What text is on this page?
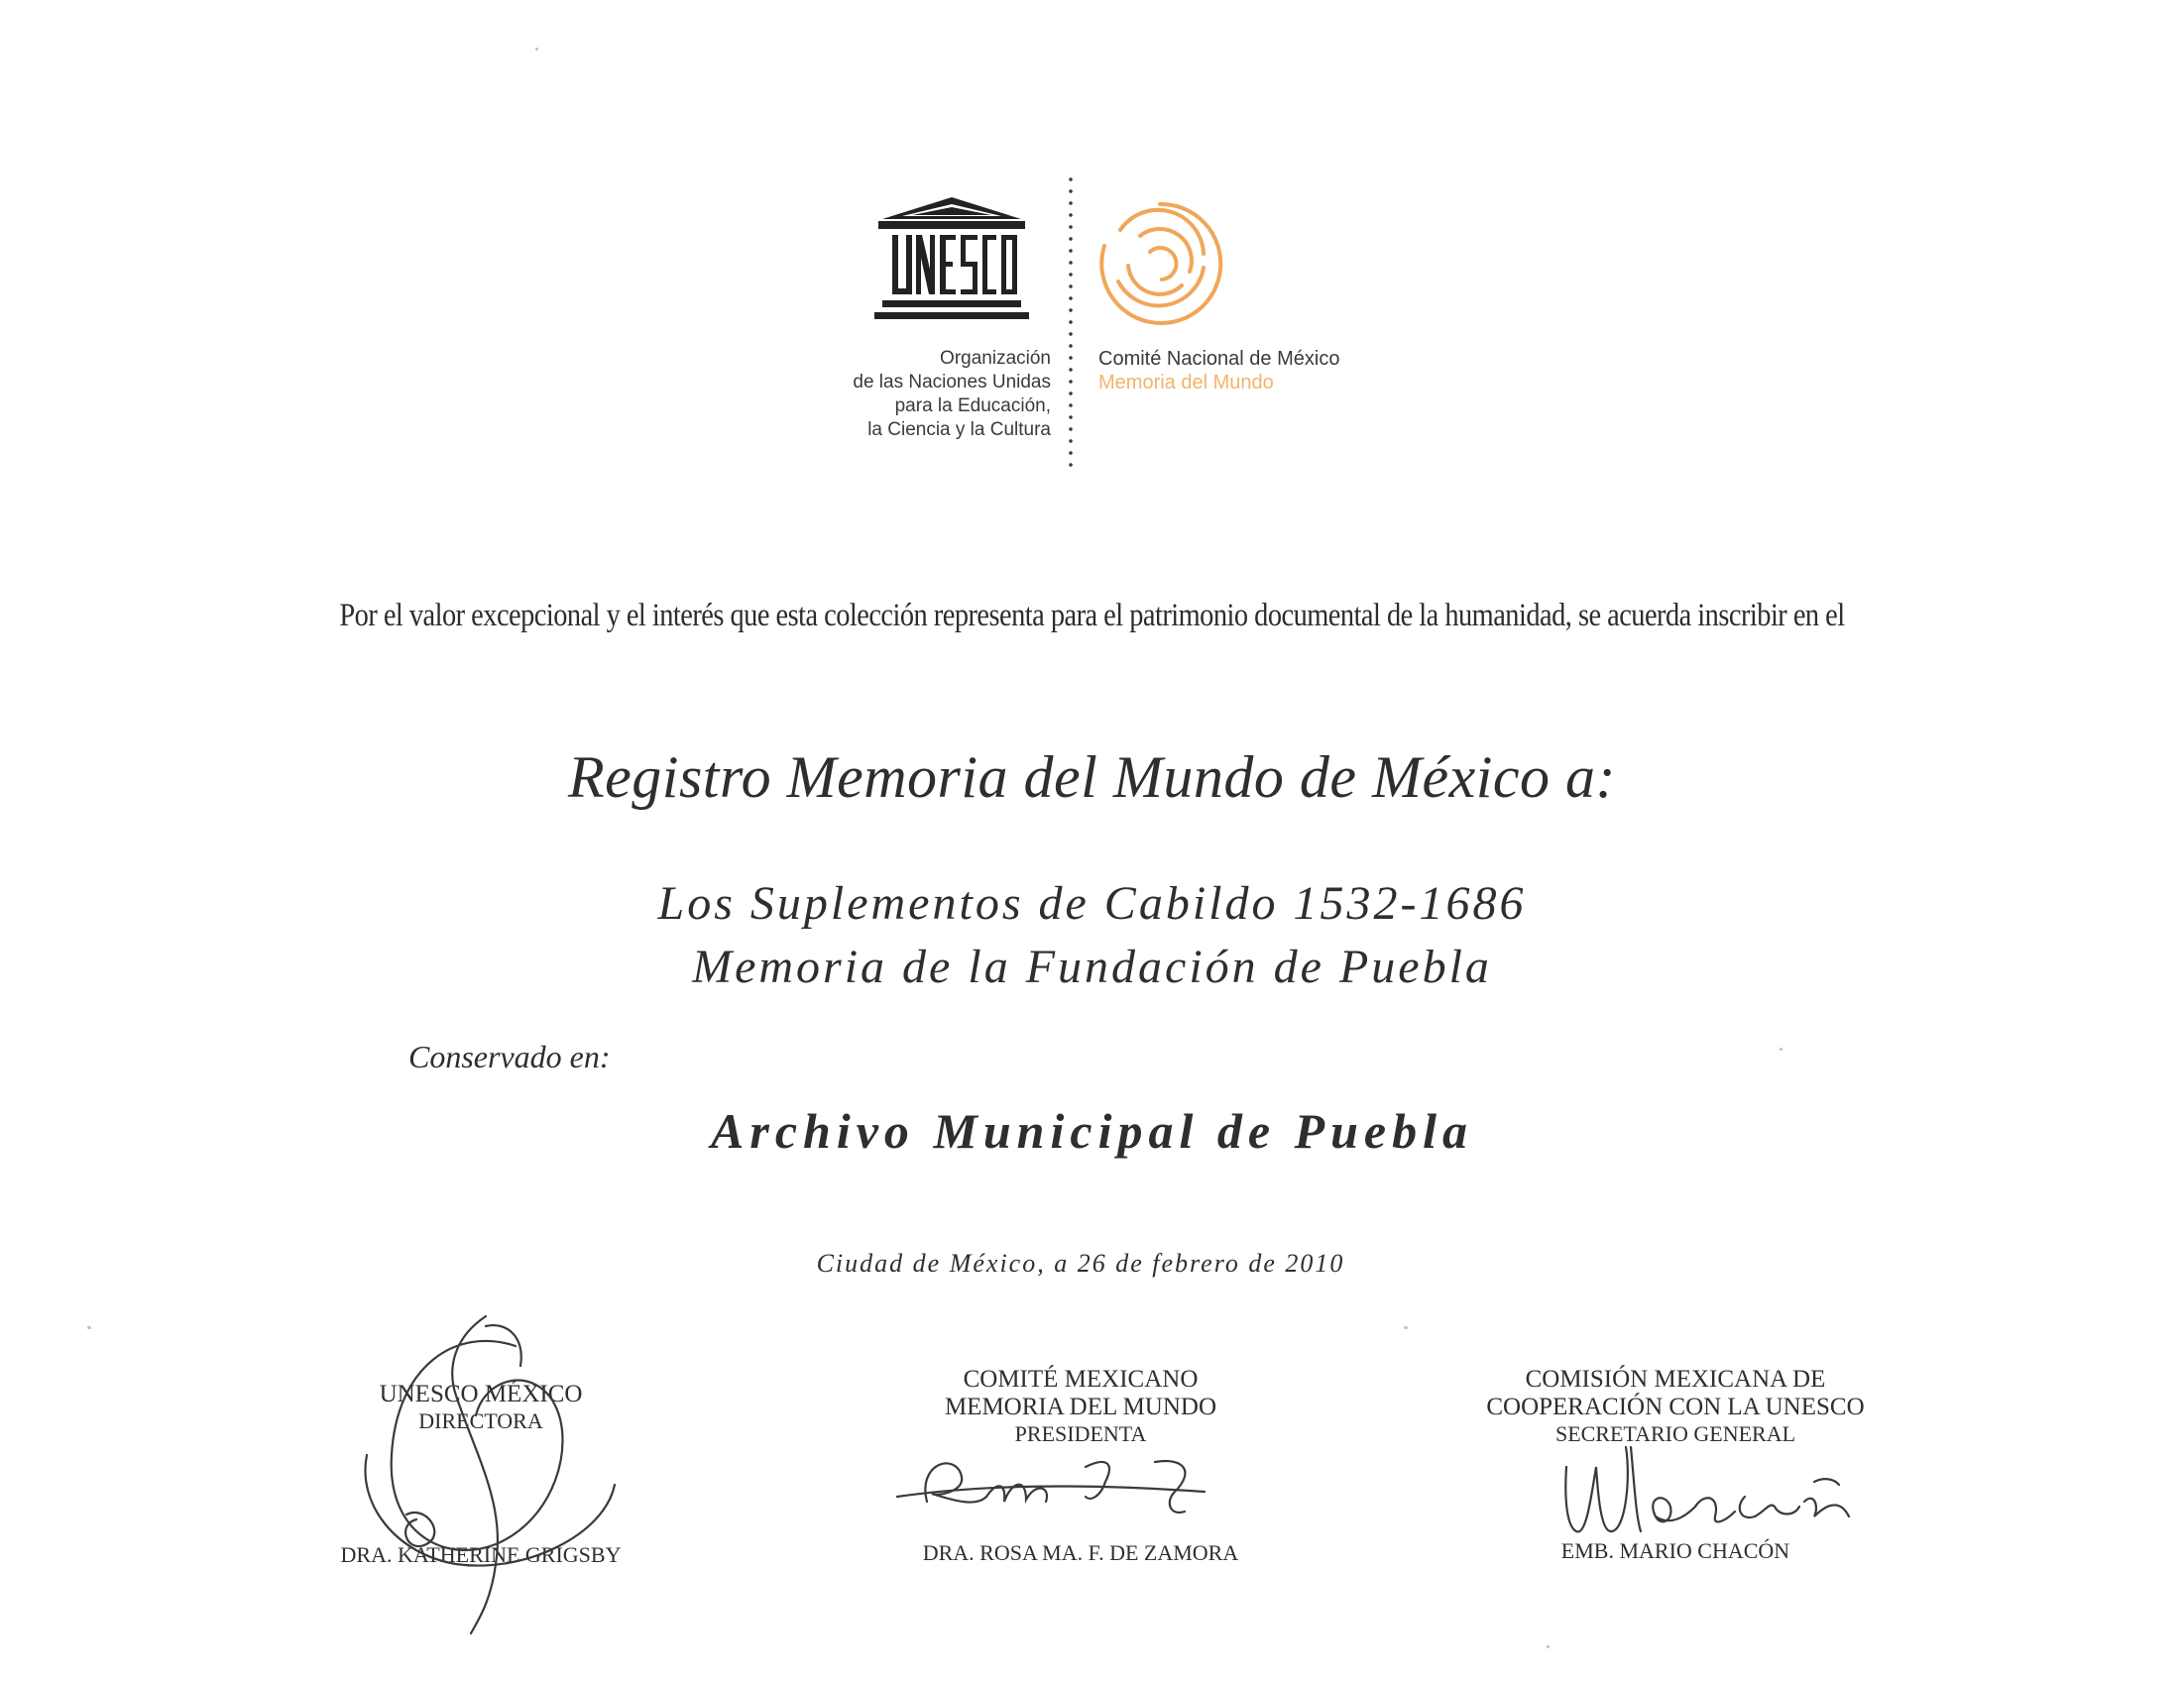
Organización
de las Naciones Unidas
para la Educación,
la Ciencia y la Cultura
Comité Nacional de México
Memoria del Mundo
Por el valor excepcional y el interés que esta colección representa para el patrimonio documental de la humanidad, se acuerda inscribir en el
Registro Memoria del Mundo de México a:
Los Suplementos de Cabildo 1532-1686
Memoria de la Fundación de Puebla
Conservado en:
Archivo Municipal de Puebla
Ciudad de México, a 26 de febrero de 2010
UNESCO MÉXICO
DIRECTORA
DRA. KATHERINE GRIGSBY
COMITÉ MEXICANO
MEMORIA DEL MUNDO
PRESIDENTA
DRA. ROSA MA. F. DE ZAMORA
COMISIÓN MEXICANA DE
COOPERACIÓN CON LA UNESCO
SECRETARIO GENERAL
EMB. MARIO CHACÓN
